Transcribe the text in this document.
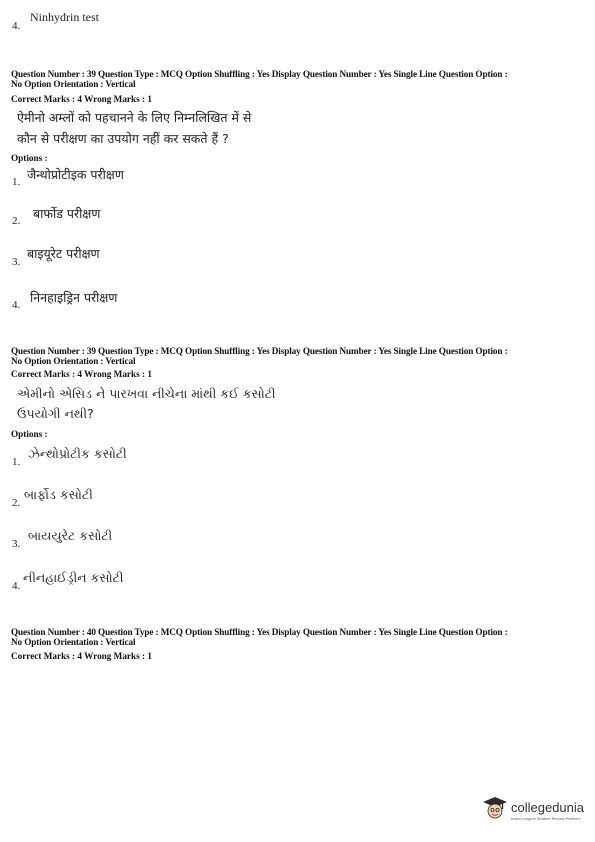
4.
Ninhydrin test
Question Number : 39 Question Type : MCQ Option Shuffling : Yes Display Question Number : Yes Single Line Question Option :
No Option Orientation : Vertical
Correct Marks : 4 Wrong Marks : 1
ऐमीनो अम्लों को पहचानने के लिए निम्नलिखित में से
कौन से परीक्षण का उपयोग नहीं कर सकते हैं ?
Options :
1. जैन्थोप्रोटीइक परीक्षण
2. बार्फोड परीक्षण
3.
बाइयूरेट परीक्षण
4. निनहाइड्रिन परीक्षण
Question Number : 39 Question Type : MCQ Option Shuffling : Yes Display Question Number : Yes Single Line Question Option :
No Option Orientation : Vertical
Correct Marks : 4 Wrong Marks : 1
એમીનો એસિડ ને પારખવા નીચેના માંથી કઈ કસોટી
ઉપયોગી નથી?
Options :
1.
ઝેન્થોપ્રોટીક કસોટી
2.
બાર્ફોડ કસોટી
3.
બાયયુરેટ કસોટી
4.
નીનહાઈડ્રીન કસોટી
Question Number : 40 Question Type : MCQ Option Shuffling : Yes Display Question Number : Yes Single Line Question Option :
No Option Orientation : Vertical
Correct Marks : 4 Wrong Marks : 1
collegedunia
India's largest Student Review Platform
